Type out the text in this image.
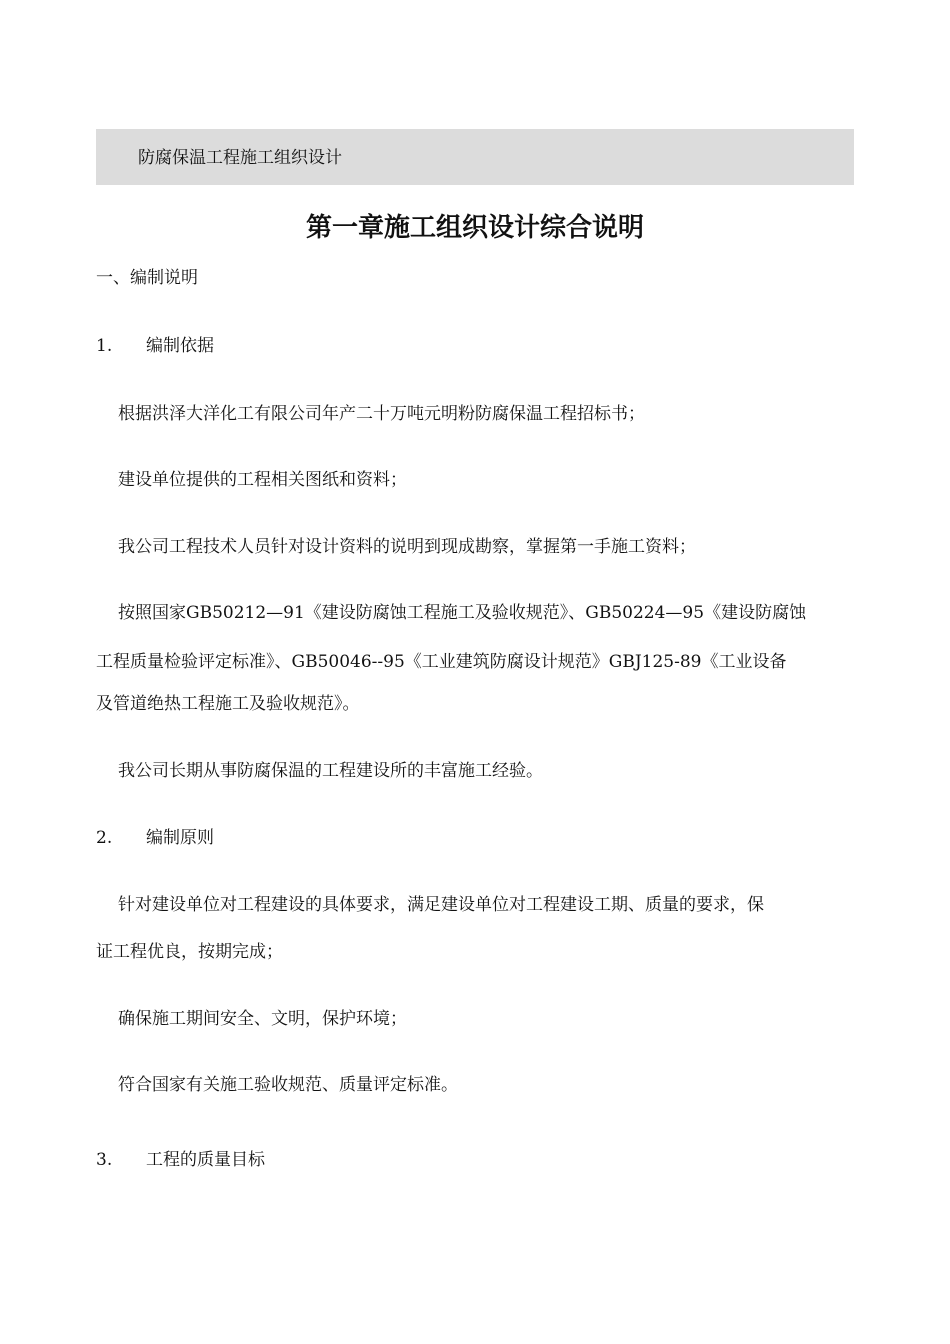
防腐保温工程施工组织设计
第一章施工组织设计综合说明
一、编制说明
1. 编制依据
根据洪泽大洋化工有限公司年产二十万吨元明粉防腐保温工程招标书；
建设单位提供的工程相关图纸和资料；
我公司工程技术人员针对设计资料的说明到现成勘察，掌握第一手施工资料；
按照国家GB50212—91《建设防腐蚀工程施工及验收规范》、GB50224—95《建设防腐蚀
工程质量检验评定标准》、GB50046--95《工业建筑防腐设计规范》GBJ125-89《工业设备
及管道绝热工程施工及验收规范》。
我公司长期从事防腐保温的工程建设所的丰富施工经验。
2. 编制原则
针对建设单位对工程建设的具体要求，满足建设单位对工程建设工期、质量的要求，保
证工程优良，按期完成；
确保施工期间安全、文明，保护环境；
符合国家有关施工验收规范、质量评定标准。
3. 工程的质量目标
